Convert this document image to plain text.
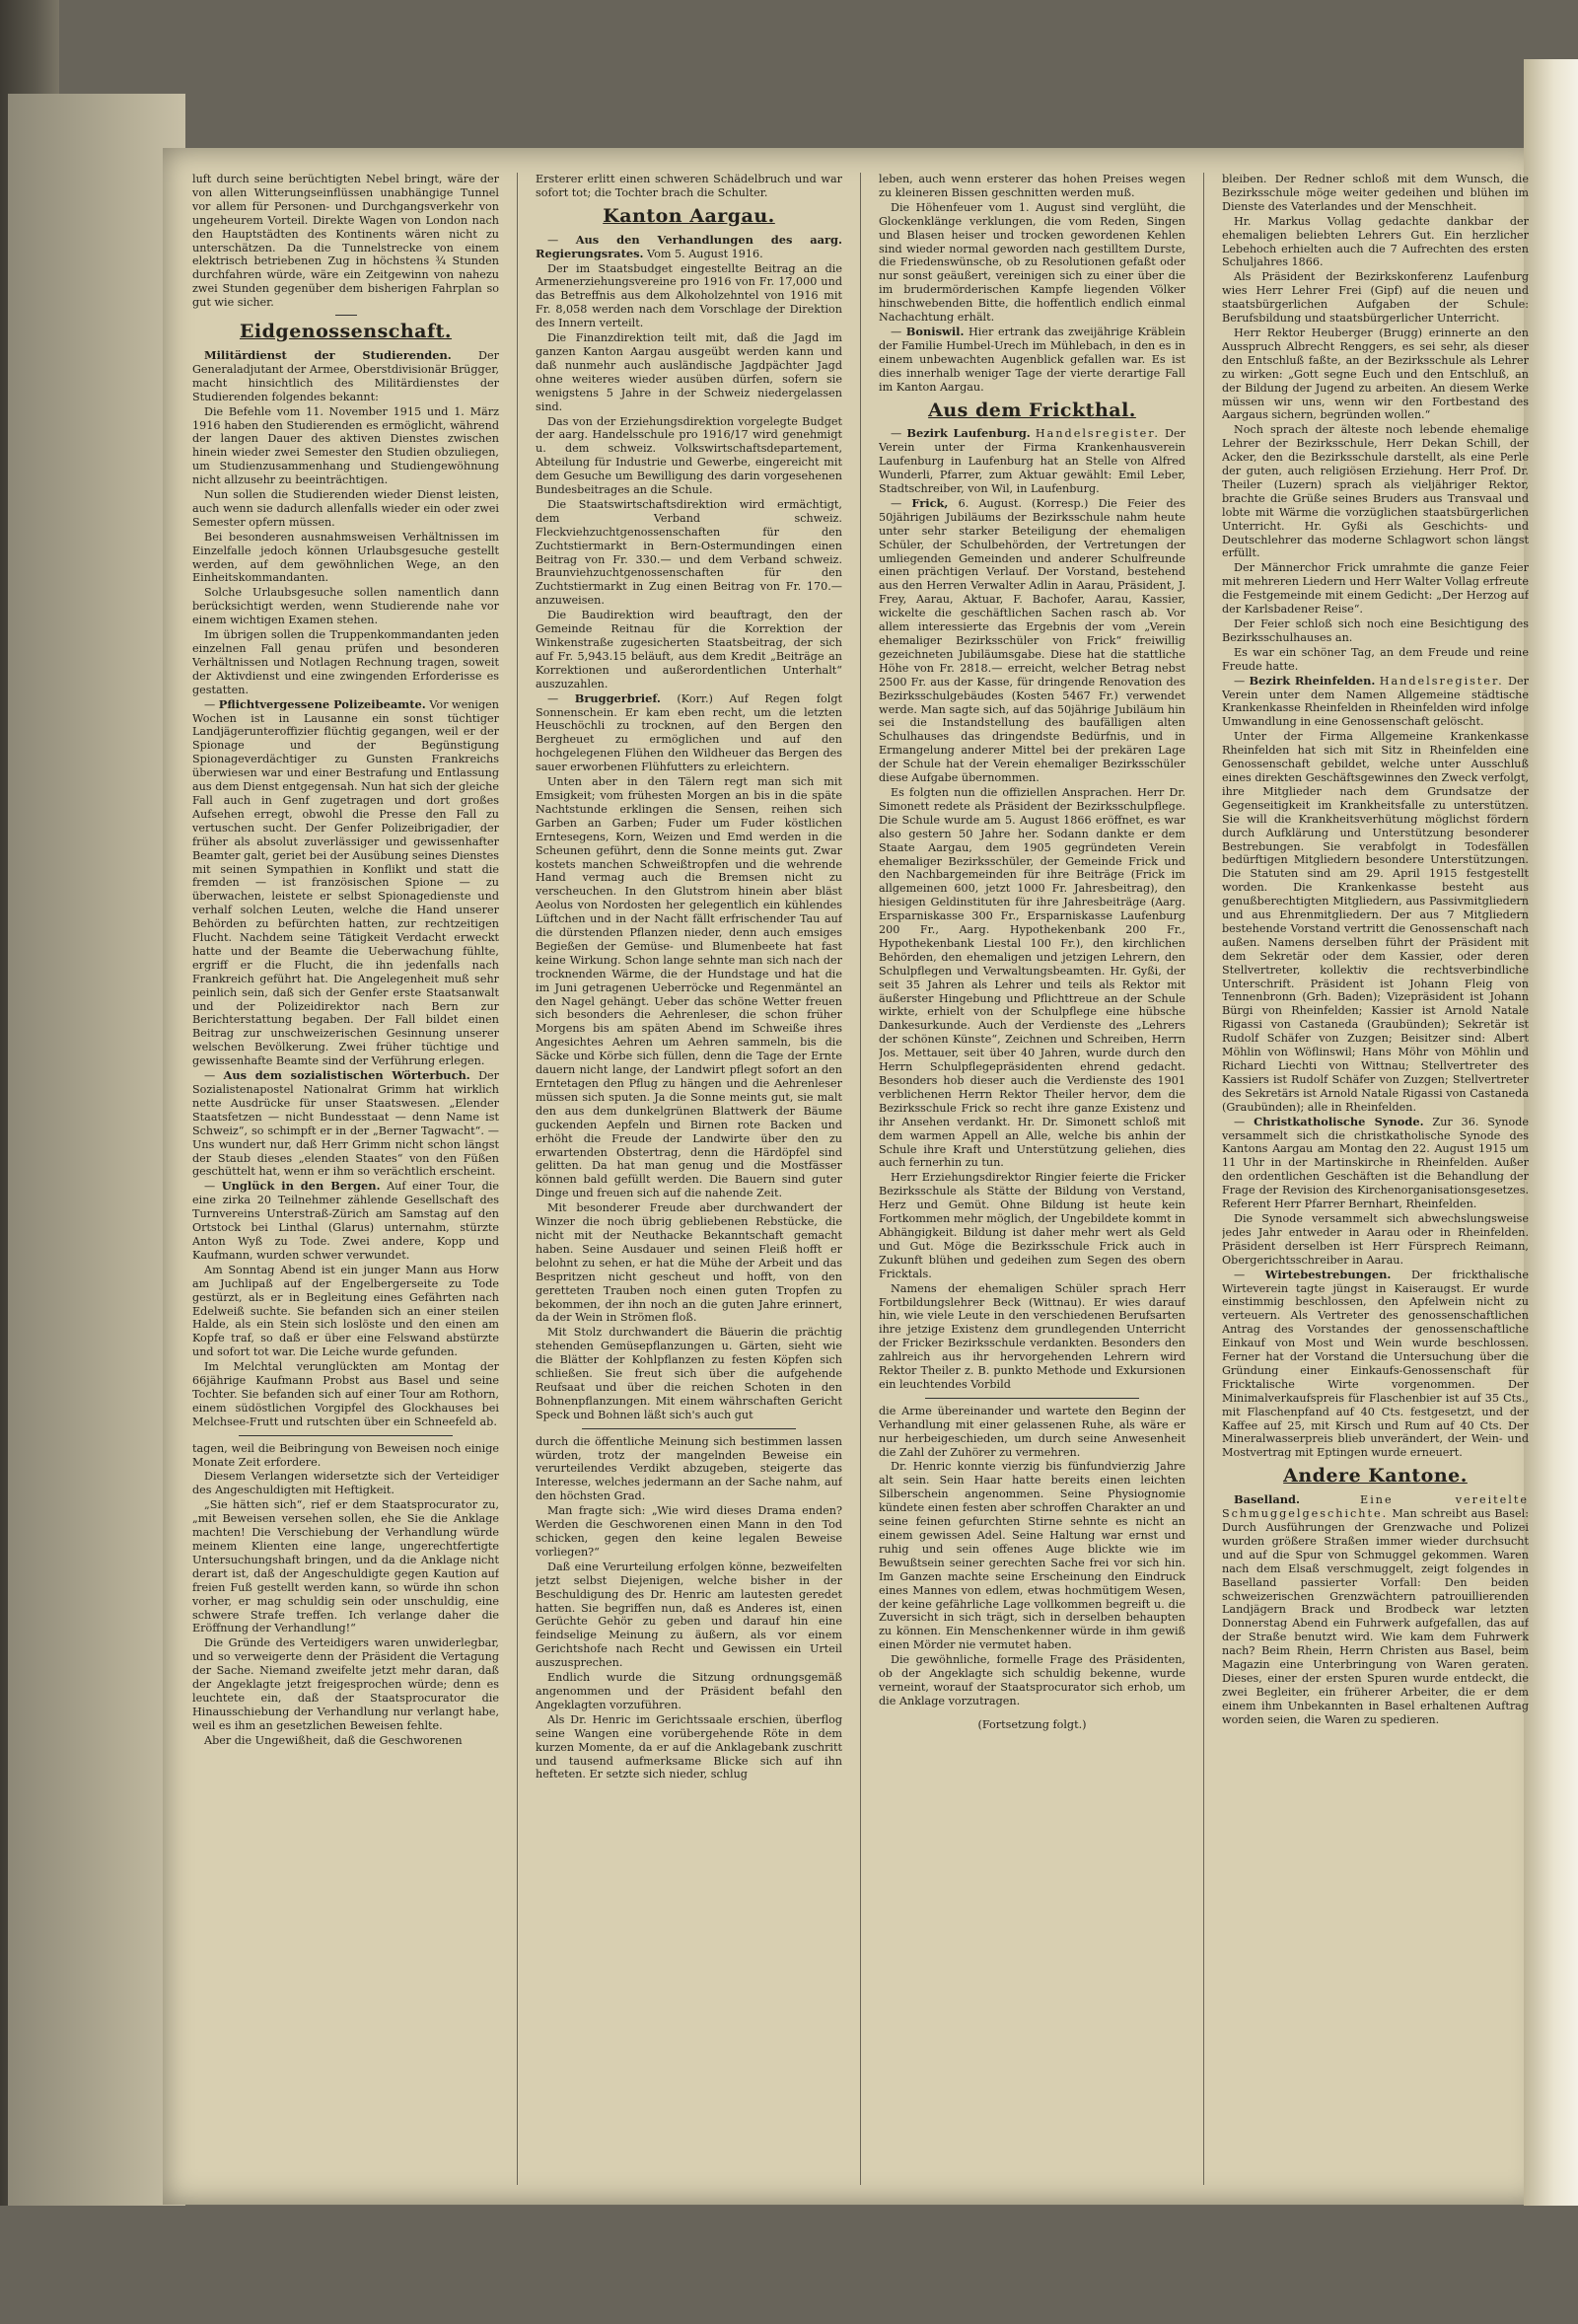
luft durch seine berüchtigten Nebel bringt, wäre der von allen Witterungseinflüssen unabhängige Tunnel vor allem für Personen- und Durchgangsverkehr von ungeheurem Vorteil. Direkte Wagen von London nach den Hauptstädten des Kontinents wären nicht zu unterschätzen. Da die Tunnelstrecke von einem elektrisch betriebenen Zug in höchstens ¾ Stunden durchfahren würde, wäre ein Zeitgewinn von nahezu zwei Stunden gegenüber dem bisherigen Fahrplan so gut wie sicher.

Eidgenossenschaft.

Militärdienst der Studierenden. Der Generaladjutant der Armee, Oberstdivisionär Brügger, macht hinsichtlich des Militärdienstes der Studierenden folgendes bekannt:

Die Befehle vom 11. November 1915 und 1. März 1916 haben den Studierenden es ermöglicht, während der langen Dauer des aktiven Dienstes zwischen hinein wieder zwei Semester den Studien obzuliegen, um Studienzusammenhang und Studiengewöhnung nicht allzusehr zu beeinträchtigen.

Nun sollen die Studierenden wieder Dienst leisten, auch wenn sie dadurch allenfalls wieder ein oder zwei Semester opfern müssen.

Bei besonderen ausnahmsweisen Verhältnissen im Einzelfalle jedoch können Urlaubsgesuche gestellt werden, auf dem gewöhnlichen Wege, an den Einheitskommandanten.

Solche Urlaubsgesuche sollen namentlich dann berücksichtigt werden, wenn Studierende nahe vor einem wichtigen Examen stehen.

Im übrigen sollen die Truppenkommandanten jeden einzelnen Fall genau prüfen und besonderen Verhältnissen und Notlagen Rechnung tragen, soweit der Aktivdienst und eine zwingenden Erforderisse es gestatten.

— Pflichtvergessene Polizeibeamte. Vor wenigen Wochen ist in Lausanne ein sonst tüchtiger Landjägerunteroffizier flüchtig gegangen, weil er der Spionage und der Begünstigung Spionageverdächtiger zu Gunsten Frankreichs überwiesen war und einer Bestrafung und Entlassung aus dem Dienst entgegensah. Nun hat sich der gleiche Fall auch in Genf zugetragen und dort großes Aufsehen erregt, obwohl die Presse den Fall zu vertuschen sucht. Der Genfer Polizeibrigadier, der früher als absolut zuverlässiger und gewissenhafter Beamter galt, geriet bei der Ausübung seines Dienstes mit seinen Sympathien in Konflikt und statt die fremden — ist französischen Spione — zu überwachen, leistete er selbst Spionagedienste und verhalf solchen Leuten, welche die Hand unserer Behörden zu befürchten hatten, zur rechtzeitigen Flucht. Nachdem seine Tätigkeit Verdacht erweckt hatte und der Beamte die Ueberwachung fühlte, ergriff er die Flucht, die ihn jedenfalls nach Frankreich geführt hat. Die Angelegenheit muß sehr peinlich sein, daß sich der Genfer erste Staatsanwalt und der Polizeidirektor nach Bern zur Berichterstattung begaben. Der Fall bildet einen Beitrag zur unschweizerischen Gesinnung unserer welschen Bevölkerung. Zwei früher tüchtige und gewissenhafte Beamte sind der Verführung erlegen.

— Aus dem sozialistischen Wörterbuch. Der Sozialistenapostel Nationalrat Grimm hat wirklich nette Ausdrücke für unser Staatswesen. „Elender Staatsfetzen — nicht Bundesstaat — denn Name ist Schweiz“, so schimpft er in der „Berner Tagwacht“. — Uns wundert nur, daß Herr Grimm nicht schon längst der Staub dieses „elenden Staates“ von den Füßen geschüttelt hat, wenn er ihm so verächtlich erscheint.

— Unglück in den Bergen. Auf einer Tour, die eine zirka 20 Teilnehmer zählende Gesellschaft des Turnvereins Unterstraß-Zürich am Samstag auf den Ortstock bei Linthal (Glarus) unternahm, stürzte Anton Wyß zu Tode. Zwei andere, Kopp und Kaufmann, wurden schwer verwundet.

Am Sonntag Abend ist ein junger Mann aus Horw am Juchlipaß auf der Engelbergerseite zu Tode gestürzt, als er in Begleitung eines Gefährten nach Edelweiß suchte. Sie befanden sich an einer steilen Halde, als ein Stein sich loslöste und den einen am Kopfe traf, so daß er über eine Felswand abstürzte und sofort tot war. Die Leiche wurde gefunden.

Im Melchtal verunglückten am Montag der 66jährige Kaufmann Probst aus Basel und seine Tochter. Sie befanden sich auf einer Tour am Rothorn, einem südöstlichen Vorgipfel des Glockhauses bei Melchsee-Frutt und rutschten über ein Schneefeld ab.

tagen, weil die Beibringung von Beweisen noch einige Monate Zeit erfordere.

Diesem Verlangen widersetzte sich der Verteidiger des Angeschuldigten mit Heftigkeit.

„Sie hätten sich“, rief er dem Staatsprocurator zu, „mit Beweisen versehen sollen, ehe Sie die Anklage machten! Die Verschiebung der Verhandlung würde meinem Klienten eine lange, ungerechtfertigte Untersuchungshaft bringen, und da die Anklage nicht derart ist, daß der Angeschuldigte gegen Kaution auf freien Fuß gestellt werden kann, so würde ihn schon vorher, er mag schuldig sein oder unschuldig, eine schwere Strafe treffen. Ich verlange daher die Eröffnung der Verhandlung!“

Die Gründe des Verteidigers waren unwiderlegbar, und so verweigerte denn der Präsident die Vertagung der Sache. Niemand zweifelte jetzt mehr daran, daß der Angeklagte jetzt freigesprochen würde; denn es leuchtete ein, daß der Staatsprocurator die Hinausschiebung der Verhandlung nur verlangt habe, weil es ihm an gesetzlichen Beweisen fehlte.

Aber die Ungewißheit, daß die Geschworenen

Ersterer erlitt einen schweren Schädelbruch und war sofort tot; die Tochter brach die Schulter.

Kanton Aargau.

— Aus den Verhandlungen des aarg. Regierungsrates. Vom 5. August 1916.

Der im Staatsbudget eingestellte Beitrag an die Armenerziehungsvereine pro 1916 von Fr. 17,000 und das Betreffnis aus dem Alkoholzehntel von 1916 mit Fr. 8,058 werden nach dem Vorschlage der Direktion des Innern verteilt.

Die Finanzdirektion teilt mit, daß die Jagd im ganzen Kanton Aargau ausgeübt werden kann und daß nunmehr auch ausländische Jagdpächter Jagd ohne weiteres wieder ausüben dürfen, sofern sie wenigstens 5 Jahre in der Schweiz niedergelassen sind.

Das von der Erziehungsdirektion vorgelegte Budget der aarg. Handelsschule pro 1916/17 wird genehmigt u. dem schweiz. Volkswirtschaftsdepartement, Abteilung für Industrie und Gewerbe, eingereicht mit dem Gesuche um Bewilligung des darin vorgesehenen Bundesbeitrages an die Schule.

Die Staatswirtschaftsdirektion wird ermächtigt, dem Verband schweiz. Fleckviehzuchtgenossenschaften für den Zuchtstiermarkt in Bern-Ostermundingen einen Beitrag von Fr. 330.— und dem Verband schweiz. Braunviehzuchtgenossenschaften für den Zuchtstiermarkt in Zug einen Beitrag von Fr. 170.— anzuweisen.

Die Baudirektion wird beauftragt, den der Gemeinde Reitnau für die Korrektion der Winkenstraße zugesicherten Staatsbeitrag, der sich auf Fr. 5,943.15 beläuft, aus dem Kredit „Beiträge an Korrektionen und außerordentlichen Unterhalt“ auszuzahlen.

— Bruggerbrief. (Korr.) Auf Regen folgt Sonnenschein. Er kam eben recht, um die letzten Heuschöchli zu trocknen, auf den Bergen den Bergheuet zu ermöglichen und auf den hochgelegenen Flühen den Wildheuer das Bergen des sauer erworbenen Flühfutters zu erleichtern.

Unten aber in den Tälern regt man sich mit Emsigkeit; vom frühesten Morgen an bis in die späte Nachtstunde erklingen die Sensen, reihen sich Garben an Garben; Fuder um Fuder köstlichen Erntesegens, Korn, Weizen und Emd werden in die Scheunen geführt, denn die Sonne meints gut. Zwar kostets manchen Schweißtropfen und die wehrende Hand vermag auch die Bremsen nicht zu verscheuchen. In den Glutstrom hinein aber bläst Aeolus von Nordosten her gelegentlich ein kühlendes Lüftchen und in der Nacht fällt erfrischender Tau auf die dürstenden Pflanzen nieder, denn auch emsiges Begießen der Gemüse- und Blumenbeete hat fast keine Wirkung. Schon lange sehnte man sich nach der trocknenden Wärme, die der Hundstage und hat die im Juni getragenen Ueberröcke und Regenmäntel an den Nagel gehängt. Ueber das schöne Wetter freuen sich besonders die Aehrenleser, die schon früher Morgens bis am späten Abend im Schweiße ihres Angesichtes Aehren um Aehren sammeln, bis die Säcke und Körbe sich füllen, denn die Tage der Ernte dauern nicht lange, der Landwirt pflegt sofort an den Erntetagen den Pflug zu hängen und die Aehrenleser müssen sich sputen. Ja die Sonne meints gut, sie malt den aus dem dunkelgrünen Blattwerk der Bäume guckenden Aepfeln und Birnen rote Backen und erhöht die Freude der Landwirte über den zu erwartenden Obstertrag, denn die Härdöpfel sind gelitten. Da hat man genug und die Mostfässer können bald gefüllt werden. Die Bauern sind guter Dinge und freuen sich auf die nahende Zeit.

Mit besonderer Freude aber durchwandert der Winzer die noch übrig gebliebenen Rebstücke, die nicht mit der Neuthacke Bekanntschaft gemacht haben. Seine Ausdauer und seinen Fleiß hofft er belohnt zu sehen, er hat die Mühe der Arbeit und das Bespritzen nicht gescheut und hofft, von den geretteten Trauben noch einen guten Tropfen zu bekommen, der ihn noch an die guten Jahre erinnert, da der Wein in Strömen floß.

Mit Stolz durchwandert die Bäuerin die prächtig stehenden Gemüsepflanzungen u. Gärten, sieht wie die Blätter der Kohlpflanzen zu festen Köpfen sich schließen. Sie freut sich über die aufgehende Reufsaat und über die reichen Schoten in den Bohnenpflanzungen. Mit einem währschaften Gericht Speck und Bohnen läßt sich's auch gut

durch die öffentliche Meinung sich bestimmen lassen würden, trotz der mangelnden Beweise ein verurteilendes Verdikt abzugeben, steigerte das Interesse, welches jedermann an der Sache nahm, auf den höchsten Grad.

Man fragte sich: „Wie wird dieses Drama enden? Werden die Geschworenen einen Mann in den Tod schicken, gegen den keine legalen Beweise vorliegen?“

Daß eine Verurteilung erfolgen könne, bezweifelten jetzt selbst Diejenigen, welche bisher in der Beschuldigung des Dr. Henric am lautesten geredet hatten. Sie begriffen nun, daß es Anderes ist, einen Gerüchte Gehör zu geben und darauf hin eine feindselige Meinung zu äußern, als vor einem Gerichtshofe nach Recht und Gewissen ein Urteil auszusprechen.

Endlich wurde die Sitzung ordnungsgemäß angenommen und der Präsident befahl den Angeklagten vorzuführen.

Als Dr. Henric im Gerichtssaale erschien, überflog seine Wangen eine vorübergehende Röte in dem kurzen Momente, da er auf die Anklagebank zuschritt und tausend aufmerksame Blicke sich auf ihn hefteten. Er setzte sich nieder, schlug

leben, auch wenn ersterer das hohen Preises wegen zu kleineren Bissen geschnitten werden muß.

Die Höhenfeuer vom 1. August sind verglüht, die Glockenklänge verklungen, die vom Reden, Singen und Blasen heiser und trocken gewordenen Kehlen sind wieder normal geworden nach gestilltem Durste, die Friedenswünsche, ob zu Resolutionen gefaßt oder nur sonst geäußert, vereinigen sich zu einer über die im brudermörderischen Kampfe liegenden Völker hinschwebenden Bitte, die hoffentlich endlich einmal Nachachtung erhält.

— Boniswil. Hier ertrank das zweijährige Kräblein der Familie Humbel-Urech im Mühlebach, in den es in einem unbewachten Augenblick gefallen war. Es ist dies innerhalb weniger Tage der vierte derartige Fall im Kanton Aargau.

Aus dem Frickthal.

— Bezirk Laufenburg. Handelsregister. Der Verein unter der Firma Krankenhausverein Laufenburg in Laufenburg hat an Stelle von Alfred Wunderli, Pfarrer, zum Aktuar gewählt: Emil Leber, Stadtschreiber, von Wil, in Laufenburg.

— Frick, 6. August. (Korresp.) Die Feier des 50jährigen Jubiläums der Bezirksschule nahm heute unter sehr starker Beteiligung der ehemaligen Schüler, der Schulbehörden, der Vertretungen der umliegenden Gemeinden und anderer Schulfreunde einen prächtigen Verlauf. Der Vorstand, bestehend aus den Herren Verwalter Adlin in Aarau, Präsident, J. Frey, Aarau, Aktuar, F. Bachofer, Aarau, Kassier, wickelte die geschäftlichen Sachen rasch ab. Vor allem interessierte das Ergebnis der vom „Verein ehemaliger Bezirksschüler von Frick“ freiwillig gezeichneten Jubiläumsgabe. Diese hat die stattliche Höhe von Fr. 2818.— erreicht, welcher Betrag nebst 2500 Fr. aus der Kasse, für dringende Renovation des Bezirksschulgebäudes (Kosten 5467 Fr.) verwendet werde. Man sagte sich, auf das 50jährige Jubiläum hin sei die Instandstellung des baufälligen alten Schulhauses das dringendste Bedürfnis, und in Ermangelung anderer Mittel bei der prekären Lage der Schule hat der Verein ehemaliger Bezirksschüler diese Aufgabe übernommen.

Es folgten nun die offiziellen Ansprachen. Herr Dr. Simonett redete als Präsident der Bezirksschulpflege. Die Schule wurde am 5. August 1866 eröffnet, es war also gestern 50 Jahre her. Sodann dankte er dem Staate Aargau, dem 1905 gegründeten Verein ehemaliger Bezirksschüler, der Gemeinde Frick und den Nachbargemeinden für ihre Beiträge (Frick im allgemeinen 600, jetzt 1000 Fr. Jahresbeitrag), den hiesigen Geldinstituten für ihre Jahresbeiträge (Aarg. Ersparniskasse 300 Fr., Ersparniskasse Laufenburg 200 Fr., Aarg. Hypothekenbank 200 Fr., Hypothekenbank Liestal 100 Fr.), den kirchlichen Behörden, den ehemaligen und jetzigen Lehrern, den Schulpflegen und Verwaltungsbeamten. Hr. Gyßi, der seit 35 Jahren als Lehrer und teils als Rektor mit äußerster Hingebung und Pflichttreue an der Schule wirkte, erhielt von der Schulpflege eine hübsche Dankesurkunde. Auch der Verdienste des „Lehrers der schönen Künste“, Zeichnen und Schreiben, Herrn Jos. Mettauer, seit über 40 Jahren, wurde durch den Herrn Schulpflegepräsidenten ehrend gedacht. Besonders hob dieser auch die Verdienste des 1901 verblichenen Herrn Rektor Theiler hervor, dem die Bezirksschule Frick so recht ihre ganze Existenz und ihr Ansehen verdankt. Hr. Dr. Simonett schloß mit dem warmen Appell an Alle, welche bis anhin der Schule ihre Kraft und Unterstützung geliehen, dies auch fernerhin zu tun.

Herr Erziehungsdirektor Ringier feierte die Fricker Bezirksschule als Stätte der Bildung von Verstand, Herz und Gemüt. Ohne Bildung ist heute kein Fortkommen mehr möglich, der Ungebildete kommt in Abhängigkeit. Bildung ist daher mehr wert als Geld und Gut. Möge die Bezirksschule Frick auch in Zukunft blühen und gedeihen zum Segen des obern Fricktals.

Namens der ehemaligen Schüler sprach Herr Fortbildungslehrer Beck (Wittnau). Er wies darauf hin, wie viele Leute in den verschiedenen Berufsarten ihre jetzige Existenz dem grundlegenden Unterricht der Fricker Bezirksschule verdankten. Besonders den zahlreich aus ihr hervorgehenden Lehrern wird Rektor Theiler z. B. punkto Methode und Exkursionen ein leuchtendes Vorbild

die Arme übereinander und wartete den Beginn der Verhandlung mit einer gelassenen Ruhe, als wäre er nur herbeigeschieden, um durch seine Anwesenheit die Zahl der Zuhörer zu vermehren.

Dr. Henric konnte vierzig bis fünfundvierzig Jahre alt sein. Sein Haar hatte bereits einen leichten Silberschein angenommen. Seine Physiognomie kündete einen festen aber schroffen Charakter an und seine feinen gefurchten Stirne sehnte es nicht an einem gewissen Adel. Seine Haltung war ernst und ruhig und sein offenes Auge blickte wie im Bewußtsein seiner gerechten Sache frei vor sich hin. Im Ganzen machte seine Erscheinung den Eindruck eines Mannes von edlem, etwas hochmütigem Wesen, der keine gefährliche Lage vollkommen begreift u. die Zuversicht in sich trägt, sich in derselben behaupten zu können. Ein Menschenkenner würde in ihm gewiß einen Mörder nie vermutet haben.

Die gewöhnliche, formelle Frage des Präsidenten, ob der Angeklagte sich schuldig bekenne, wurde verneint, worauf der Staatsprocurator sich erhob, um die Anklage vorzutragen.

(Fortsetzung folgt.)

bleiben. Der Redner schloß mit dem Wunsch, die Bezirksschule möge weiter gedeihen und blühen im Dienste des Vaterlandes und der Menschheit.

Hr. Markus Vollag gedachte dankbar der ehemaligen beliebten Lehrers Gut. Ein herzlicher Lebehoch erhielten auch die 7 Aufrechten des ersten Schuljahres 1866.

Als Präsident der Bezirkskonferenz Laufenburg wies Herr Lehrer Frei (Gipf) auf die neuen und staatsbürgerlichen Aufgaben der Schule: Berufsbildung und staatsbürgerlicher Unterricht.

Herr Rektor Heuberger (Brugg) erinnerte an den Ausspruch Albrecht Renggers, es sei sehr, als dieser den Entschluß faßte, an der Bezirksschule als Lehrer zu wirken: „Gott segne Euch und den Entschluß, an der Bildung der Jugend zu arbeiten. An diesem Werke müssen wir uns, wenn wir den Fortbestand des Aargaus sichern, begründen wollen.“

Noch sprach der älteste noch lebende ehemalige Lehrer der Bezirksschule, Herr Dekan Schill, der Acker, den die Bezirksschule darstellt, als eine Perle der guten, auch religiösen Erziehung. Herr Prof. Dr. Theiler (Luzern) sprach als vieljähriger Rektor, brachte die Grüße seines Bruders aus Transvaal und lobte mit Wärme die vorzüglichen staatsbürgerlichen Unterricht. Hr. Gyßi als Geschichts- und Deutschlehrer das moderne Schlagwort schon längst erfüllt.

Der Männerchor Frick umrahmte die ganze Feier mit mehreren Liedern und Herr Walter Vollag erfreute die Festgemeinde mit einem Gedicht: „Der Herzog auf der Karlsbadener Reise“.

Der Feier schloß sich noch eine Besichtigung des Bezirksschulhauses an.

Es war ein schöner Tag, an dem Freude und reine Freude hatte.

— Bezirk Rheinfelden. Handelsregister. Der Verein unter dem Namen Allgemeine städtische Krankenkasse Rheinfelden in Rheinfelden wird infolge Umwandlung in eine Genossenschaft gelöscht.

Unter der Firma Allgemeine Krankenkasse Rheinfelden hat sich mit Sitz in Rheinfelden eine Genossenschaft gebildet, welche unter Ausschluß eines direkten Geschäftsgewinnes den Zweck verfolgt, ihre Mitglieder nach dem Grundsatze der Gegenseitigkeit im Krankheitsfalle zu unterstützen. Sie will die Krankheitsverhütung möglichst fördern durch Aufklärung und Unterstützung besonderer Bestrebungen. Sie verabfolgt in Todesfällen bedürftigen Mitgliedern besondere Unterstützungen. Die Statuten sind am 29. April 1915 festgestellt worden. Die Krankenkasse besteht aus genußberechtigten Mitgliedern, aus Passivmitgliedern und aus Ehrenmitgliedern. Der aus 7 Mitgliedern bestehende Vorstand vertritt die Genossenschaft nach außen. Namens derselben führt der Präsident mit dem Sekretär oder dem Kassier, oder deren Stellvertreter, kollektiv die rechtsverbindliche Unterschrift. Präsident ist Johann Fleig von Tennenbronn (Grh. Baden); Vizepräsident ist Johann Bürgi von Rheinfelden; Kassier ist Arnold Natale Rigassi von Castaneda (Graubünden); Sekretär ist Rudolf Schäfer von Zuzgen; Beisitzer sind: Albert Möhlin von Wöflinswil; Hans Möhr von Möhlin und Richard Liechti von Wittnau; Stellvertreter des Kassiers ist Rudolf Schäfer von Zuzgen; Stellvertreter des Sekretärs ist Arnold Natale Rigassi von Castaneda (Graubünden); alle in Rheinfelden.

— Christkatholische Synode. Zur 36. Synode versammelt sich die christkatholische Synode des Kantons Aargau am Montag den 22. August 1915 um 11 Uhr in der Martinskirche in Rheinfelden. Außer den ordentlichen Geschäften ist die Behandlung der Frage der Revision des Kirchenorganisationsgesetzes. Referent Herr Pfarrer Bernhart, Rheinfelden.

Die Synode versammelt sich abwechslungsweise jedes Jahr entweder in Aarau oder in Rheinfelden. Präsident derselben ist Herr Fürsprech Reimann, Obergerichtsschreiber in Aarau.

— Wirtebestrebungen. Der frickthalische Wirteverein tagte jüngst in Kaiseraugst. Er wurde einstimmig beschlossen, den Apfelwein nicht zu verteuern. Als Vertreter des genossenschaftlichen Antrag des Vorstandes der genossenschaftliche Einkauf von Most und Wein wurde beschlossen. Ferner hat der Vorstand die Untersuchung über die Gründung einer Einkaufs-Genossenschaft für Fricktalische Wirte vorgenommen. Der Minimalverkaufspreis für Flaschenbier ist auf 35 Cts., mit Flaschenpfand auf 40 Cts. festgesetzt, und der Kaffee auf 25, mit Kirsch und Rum auf 40 Cts. Der Mineralwasserpreis blieb unverändert, der Wein- und Mostvertrag mit Eptingen wurde erneuert.

Andere Kantone.

Baselland.	Eine vereitelte Schmuggelgeschichte. Man schreibt aus Basel: Durch Ausführungen der Grenzwache und Polizei wurden größere Straßen immer wieder durchsucht und auf die Spur von Schmuggel gekommen. Waren nach dem Elsaß verschmuggelt, zeigt folgendes in Baselland passierter Vorfall: Den beiden schweizerischen Grenzwächtern patrouillierenden Landjägern Brack und Brodbeck war letzten Donnerstag Abend ein Fuhrwerk aufgefallen, das auf der Straße benutzt wird. Wie kam dem Fuhrwerk nach? Beim Rhein, Herrn Christen aus Basel, beim Magazin eine Unterbringung von Waren geraten. Dieses, einer der ersten Spuren wurde entdeckt, die zwei Begleiter, ein früherer Arbeiter, die er dem einem ihm Unbekannten in Basel erhaltenen Auftrag worden seien, die Waren zu spedieren.
